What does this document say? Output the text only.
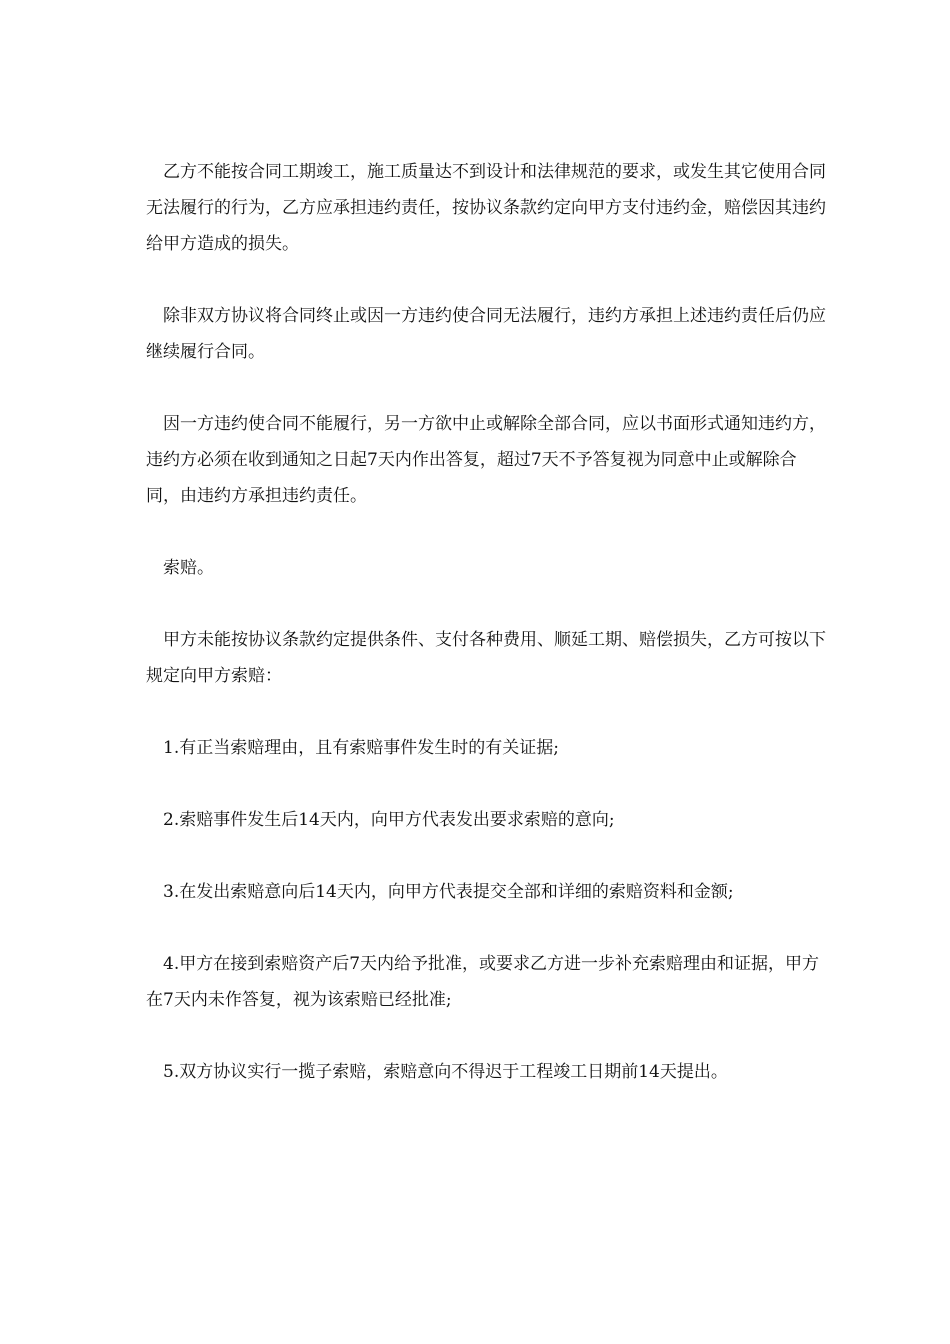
乙方不能按合同工期竣工，施工质量达不到设计和法律规范的要求，或发生其它使用合同无法履行的行为，乙方应承担违约责任，按协议条款约定向甲方支付违约金，赔偿因其违约给甲方造成的损失。

除非双方协议将合同终止或因一方违约使合同无法履行，违约方承担上述违约责任后仍应继续履行合同。

因一方违约使合同不能履行，另一方欲中止或解除全部合同，应以书面形式通知违约方，违约方必须在收到通知之日起7天内作出答复，超过7天不予答复视为同意中止或解除合同，由违约方承担违约责任。

索赔。

甲方未能按协议条款约定提供条件、支付各种费用、顺延工期、赔偿损失，乙方可按以下规定向甲方索赔：

1.有正当索赔理由，且有索赔事件发生时的有关证据;

2.索赔事件发生后14天内，向甲方代表发出要求索赔的意向;

3.在发出索赔意向后14天内，向甲方代表提交全部和详细的索赔资料和金额;

4.甲方在接到索赔资产后7天内给予批准，或要求乙方进一步补充索赔理由和证据，甲方在7天内未作答复，视为该索赔已经批准;

5.双方协议实行一揽子索赔，索赔意向不得迟于工程竣工日期前14天提出。
